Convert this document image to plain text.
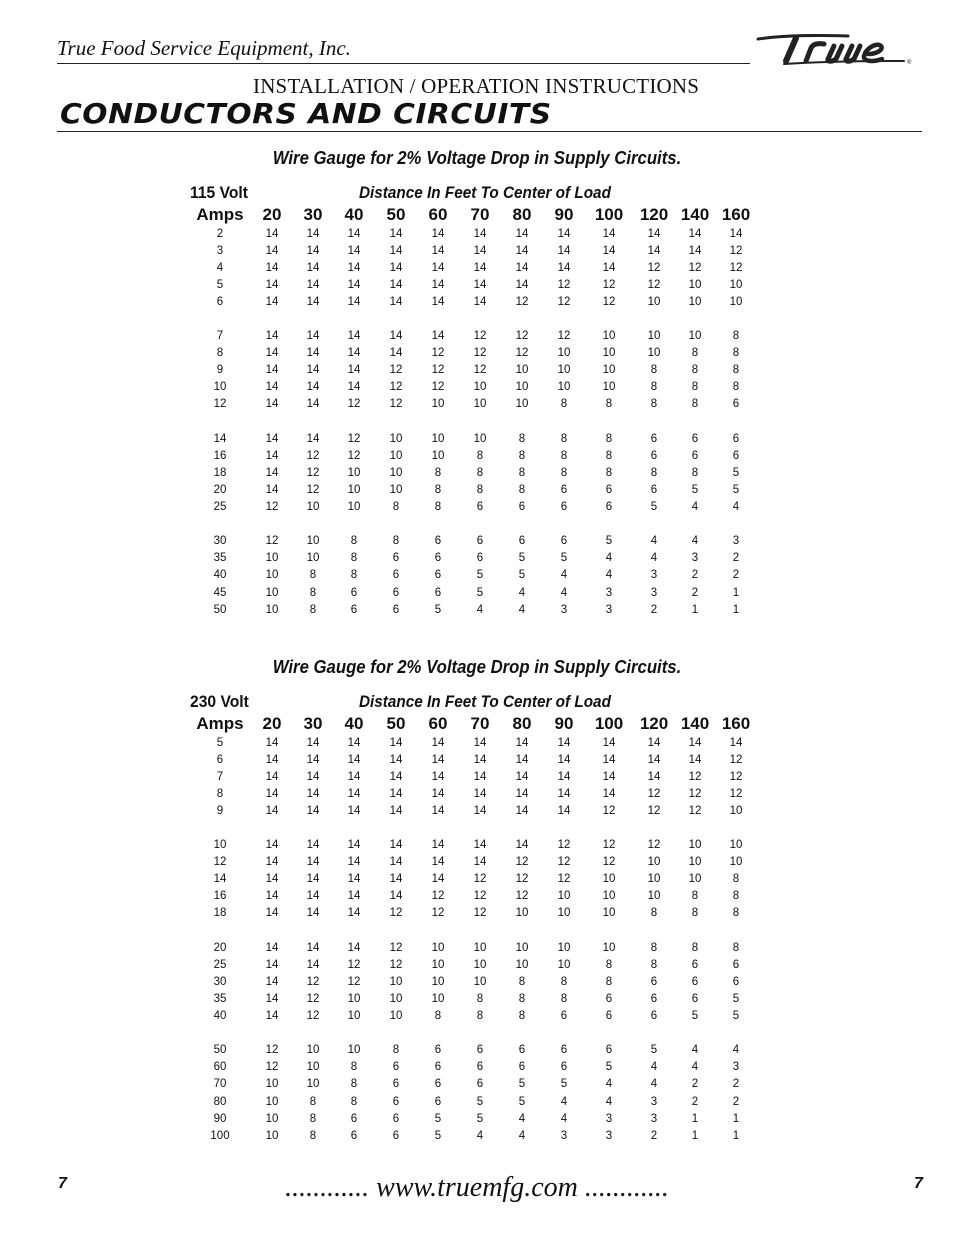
True Food Service Equipment, Inc.
®
INSTALLATION / OPERATION INSTRUCTIONS
CONDUCTORS AND CIRCUITS
Wire Gauge for 2% Voltage Drop in Supply Circuits.
115 Volt	Distance In Feet To Center of Load
Amps	20	30	40	50	60	70	80	90	100	120	140	160
2	14	14	14	14	14	14	14	14	14	14	14	14
3	14	14	14	14	14	14	14	14	14	14	14	12
4	14	14	14	14	14	14	14	14	14	12	12	12
5	14	14	14	14	14	14	14	12	12	12	10	10
6	14	14	14	14	14	14	12	12	12	10	10	10

7	14	14	14	14	14	12	12	12	10	10	10	8
8	14	14	14	14	12	12	12	10	10	10	8	8
9	14	14	14	12	12	12	10	10	10	8	8	8
10	14	14	14	12	12	10	10	10	10	8	8	8
12	14	14	12	12	10	10	10	8	8	8	8	6

14	14	14	12	10	10	10	8	8	8	6	6	6
16	14	12	12	10	10	8	8	8	8	6	6	6
18	14	12	10	10	8	8	8	8	8	8	8	5
20	14	12	10	10	8	8	8	6	6	6	5	5
25	12	10	10	8	8	6	6	6	6	5	4	4

30	12	10	8	8	6	6	6	6	5	4	4	3
35	10	10	8	6	6	6	5	5	4	4	3	2
40	10	8	8	6	6	5	5	4	4	3	2	2
45	10	8	6	6	6	5	4	4	3	3	2	1
50	10	8	6	6	5	4	4	3	3	2	1	1
Wire Gauge for 2% Voltage Drop in Supply Circuits.
230 Volt	Distance In Feet To Center of Load
Amps	20	30	40	50	60	70	80	90	100	120	140	160
5	14	14	14	14	14	14	14	14	14	14	14	14
6	14	14	14	14	14	14	14	14	14	14	14	12
7	14	14	14	14	14	14	14	14	14	14	12	12
8	14	14	14	14	14	14	14	14	14	12	12	12
9	14	14	14	14	14	14	14	14	12	12	12	10

10	14	14	14	14	14	14	14	12	12	12	10	10
12	14	14	14	14	14	14	12	12	12	10	10	10
14	14	14	14	14	14	12	12	12	10	10	10	8
16	14	14	14	14	12	12	12	10	10	10	8	8
18	14	14	14	12	12	12	10	10	10	8	8	8

20	14	14	14	12	10	10	10	10	10	8	8	8
25	14	14	12	12	10	10	10	10	8	8	6	6
30	14	12	12	10	10	10	8	8	8	6	6	6
35	14	12	10	10	10	8	8	8	6	6	6	5
40	14	12	10	10	8	8	8	6	6	6	5	5

50	12	10	10	8	6	6	6	6	6	5	4	4
60	12	10	8	6	6	6	6	6	5	4	4	3
70	10	10	8	6	6	6	5	5	4	4	2	2
80	10	8	8	6	6	5	5	4	4	3	2	2
90	10	8	6	6	5	5	4	4	3	3	1	1
100	10	8	6	6	5	4	4	3	3	2	1	1
7	............ www.truemfg.com ............	7
